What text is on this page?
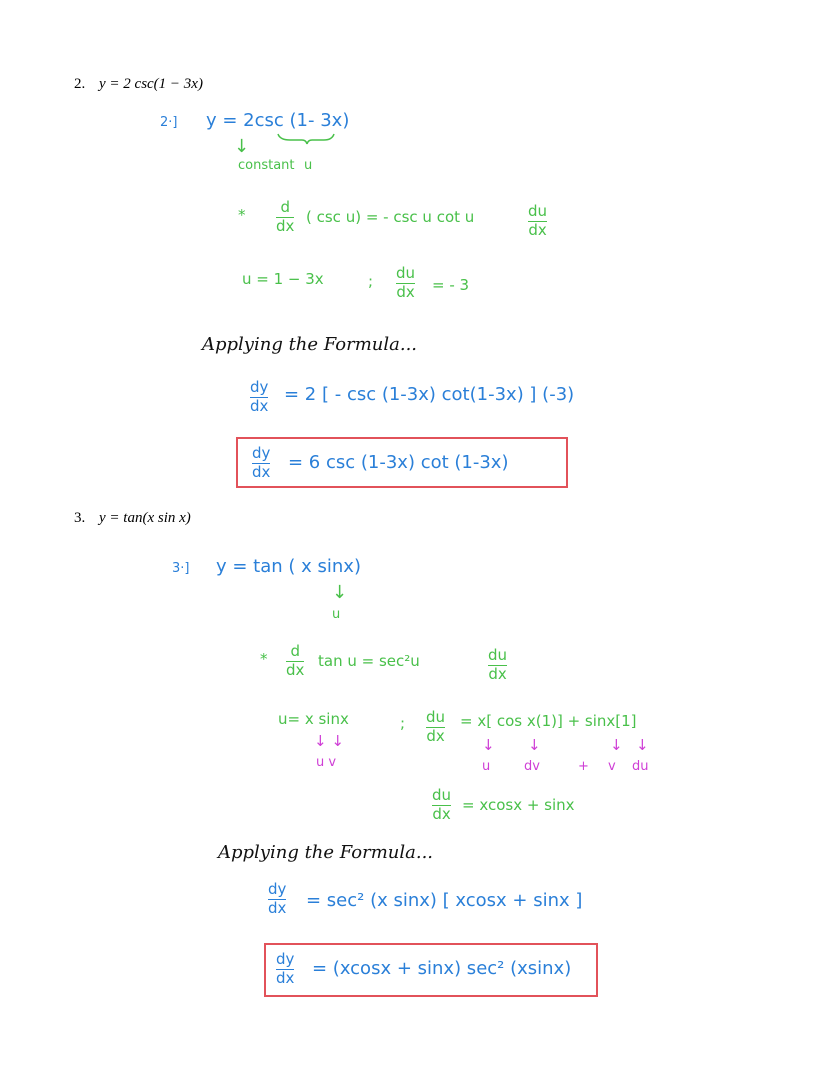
2. y = 2 csc(1 − 3x)
2·] y = 2csc (1- 3x)
↓
constant u
* d
dx ( csc u) = - csc u cot u	du
dx
u = 1 − 3x	; du
dx = - 3
Applying the Formula...
dy
dx
= 2 [ - csc (1-3x) cot(1-3x) ] (-3)
dy
dx = 6 csc (1-3x) cot (1-3x)
3. y = tan(x sin x)
3·] y = tan ( x sinx)
↓
u
* d
dx tan u = sec²u	du
dx
u= x sinx
↓ ↓
u v
; du
dx
= x[ cos x(1)] + sinx[1]
↓ ↓	↓ ↓
u	dv	+ v du
du
dx = xcosx + sinx
Applying the Formula...
dy
dx = sec² (x sinx) [ xcosx + sinx ]
dy
dx = (xcosx + sinx) sec² (xsinx)
